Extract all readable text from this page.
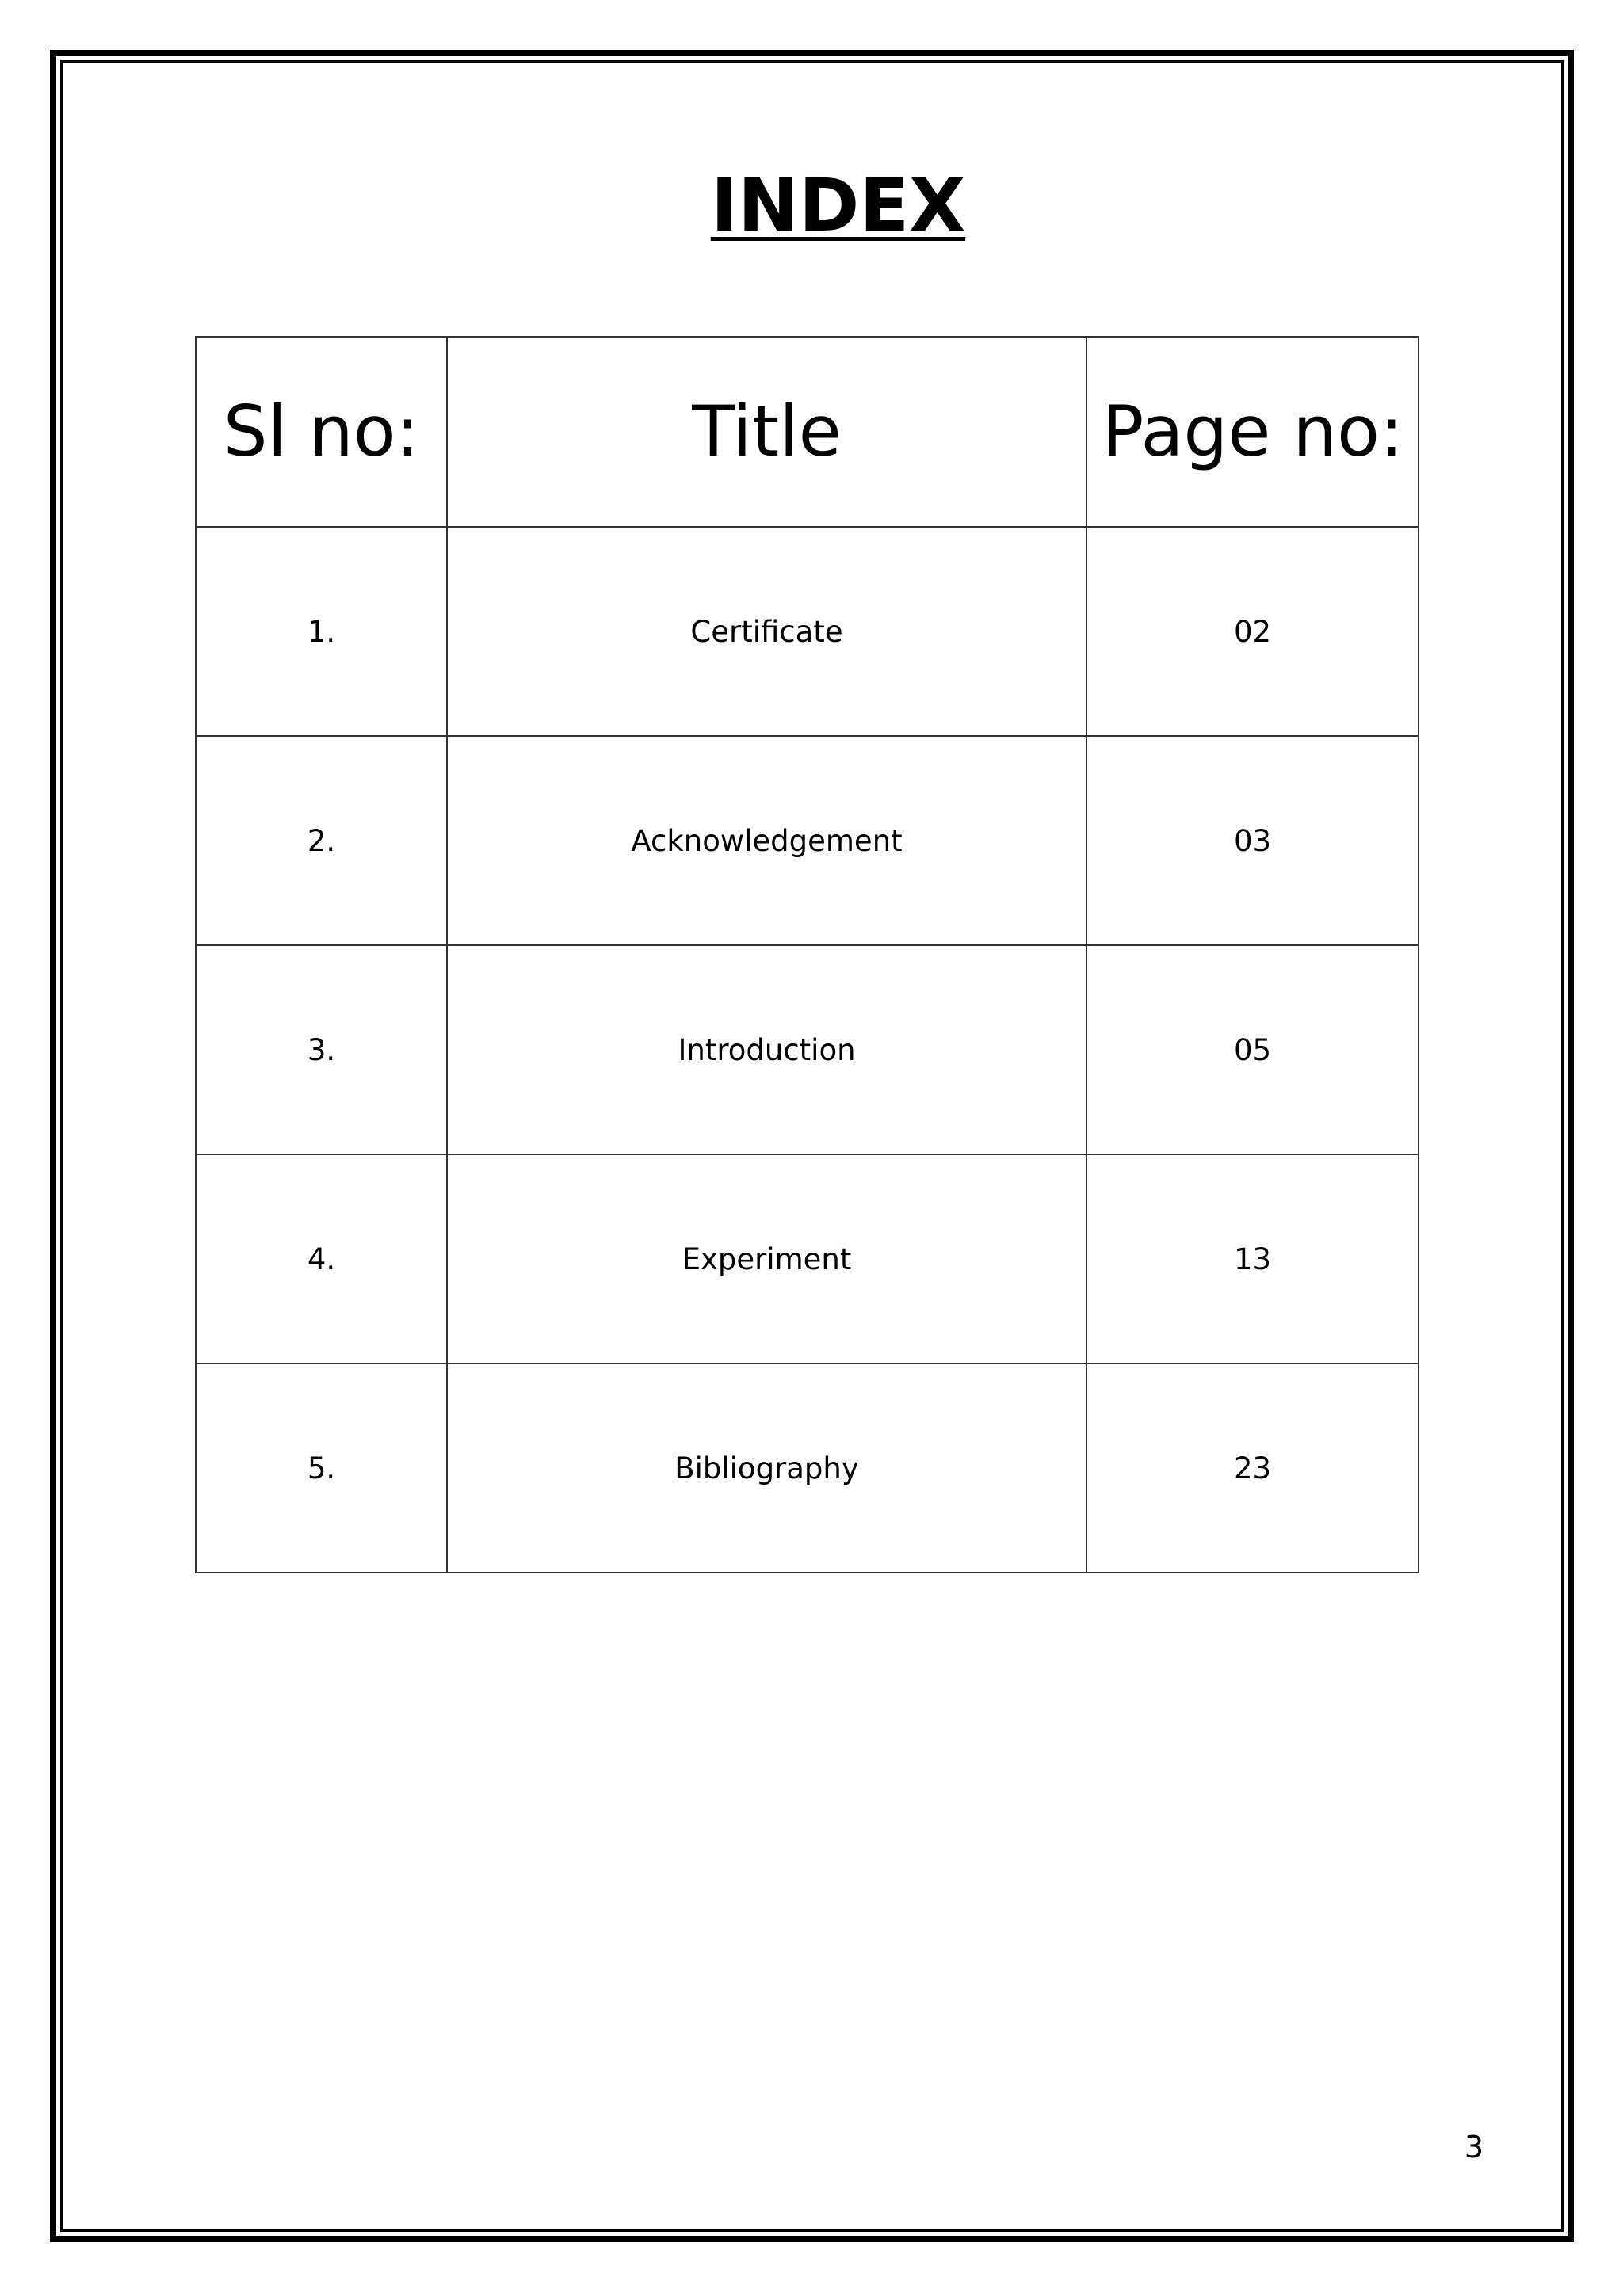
INDEX
Sl no:	Title	Page no:
1.	Certificate	02
2.	Acknowledgement	03
3.	Introduction	05
4.	Experiment	13
5.	Bibliography	23
3
